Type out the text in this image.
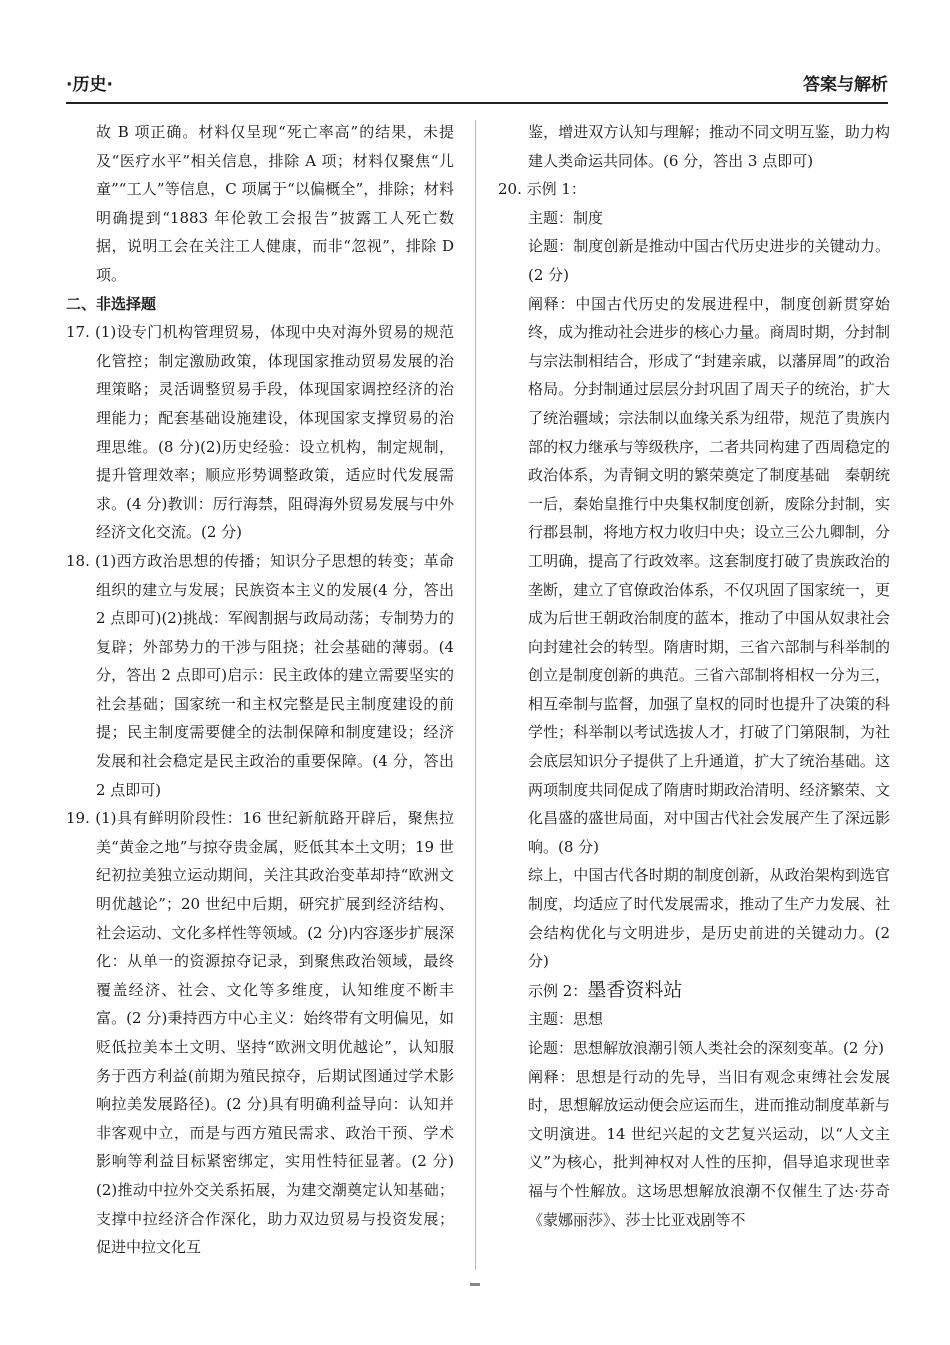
·历史·	答案与解析

故 B 项正确。材料仅呈现“死亡率高”的结果，未提及“医疗水平”相关信息，排除 A 项；材料仅聚焦“儿童”“工人”等信息，C 项属于“以偏概全”，排除；材料明确提到“1883 年伦敦工会报告”披露工人死亡数据，说明工会在关注工人健康，而非“忽视”，排除 D 项。

二、非选择题

17. (1)设专门机构管理贸易，体现中央对海外贸易的规范化管控；制定激励政策，体现国家推动贸易发展的治理策略；灵活调整贸易手段，体现国家调控经济的治理能力；配套基础设施建设，体现国家支撑贸易的治理思维。(8 分)(2)历史经验：设立机构，制定规制，提升管理效率；顺应形势调整政策，适应时代发展需求。(4 分)教训：厉行海禁，阻碍海外贸易发展与中外经济文化交流。(2 分)

18. (1)西方政治思想的传播；知识分子思想的转变；革命组织的建立与发展；民族资本主义的发展(4 分，答出 2 点即可)(2)挑战：军阀割据与政局动荡；专制势力的复辟；外部势力的干涉与阻挠；社会基础的薄弱。(4 分，答出 2 点即可)启示：民主政体的建立需要坚实的社会基础；国家统一和主权完整是民主制度建设的前提；民主制度需要健全的法制保障和制度建设；经济发展和社会稳定是民主政治的重要保障。(4 分，答出 2 点即可)

19. (1)具有鲜明阶段性：16 世纪新航路开辟后，聚焦拉美“黄金之地”与掠夺贵金属，贬低其本土文明；19 世纪初拉美独立运动期间，关注其政治变革却持“欧洲文明优越论”；20 世纪中后期，研究扩展到经济结构、社会运动、文化多样性等领域。(2 分)内容逐步扩展深化：从单一的资源掠夺记录，到聚焦政治领域，最终覆盖经济、社会、文化等多维度，认知维度不断丰富。(2 分)秉持西方中心主义：始终带有文明偏见，如贬低拉美本土文明、坚持“欧洲文明优越论”，认知服务于西方利益(前期为殖民掠夺，后期试图通过学术影响拉美发展路径)。(2 分)具有明确利益导向：认知并非客观中立，而是与西方殖民需求、政治干预、学术影响等利益目标紧密绑定，实用性特征显著。(2 分)(2)推动中拉外交关系拓展，为建交潮奠定认知基础；支撑中拉经济合作深化，助力双边贸易与投资发展；促进中拉文化互

鉴，增进双方认知与理解；推动不同文明互鉴，助力构建人类命运共同体。(6 分，答出 3 点即可)

20. 示例 1：

主题：制度

论题：制度创新是推动中国古代历史进步的关键动力。(2 分)

阐释：中国古代历史的发展进程中，制度创新贯穿始终，成为推动社会进步的核心力量。商周时期，分封制与宗法制相结合，形成了“封建亲戚，以藩屏周”的政治格局。分封制通过层层分封巩固了周天子的统治，扩大了统治疆域；宗法制以血缘关系为纽带，规范了贵族内部的权力继承与等级秩序，二者共同构建了西周稳定的政治体系，为青铜文明的繁荣奠定了制度基础　秦朝统一后，秦始皇推行中央集权制度创新，废除分封制，实行郡县制，将地方权力收归中央；设立三公九卿制，分工明确，提高了行政效率。这套制度打破了贵族政治的垄断，建立了官僚政治体系，不仅巩固了国家统一，更成为后世王朝政治制度的蓝本，推动了中国从奴隶社会向封建社会的转型。隋唐时期，三省六部制与科举制的创立是制度创新的典范。三省六部制将相权一分为三，相互牵制与监督，加强了皇权的同时也提升了决策的科学性；科举制以考试选拔人才，打破了门第限制，为社会底层知识分子提供了上升通道，扩大了统治基础。这两项制度共同促成了隋唐时期政治清明、经济繁荣、文化昌盛的盛世局面，对中国古代社会发展产生了深远影响。(8 分)

综上，中国古代各时期的制度创新，从政治架构到选官制度，均适应了时代发展需求，推动了生产力发展、社会结构优化与文明进步，是历史前进的关键动力。(2 分)

示例 2：墨香资料站

主题：思想

论题：思想解放浪潮引领人类社会的深刻变革。(2 分)

阐释：思想是行动的先导，当旧有观念束缚社会发展时，思想解放运动便会应运而生，进而推动制度革新与文明演进。14 世纪兴起的文艺复兴运动，以“人文主义”为核心，批判神权对人性的压抑，倡导追求现世幸福与个性解放。这场思想解放浪潮不仅催生了达·芬奇《蒙娜丽莎》、莎士比亚戏剧等不
